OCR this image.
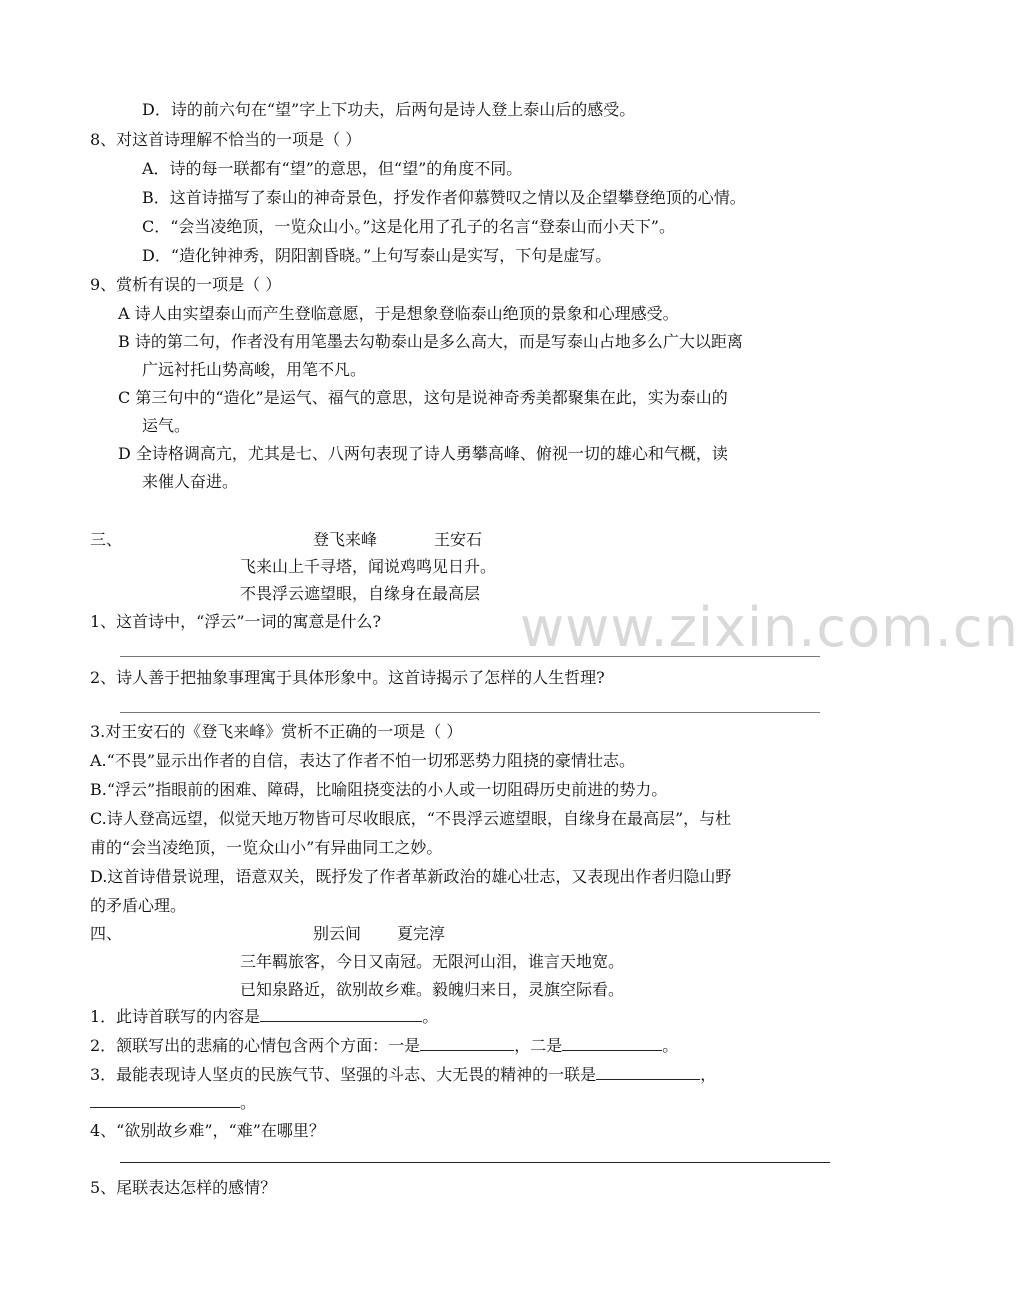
www.zixin.com.cn
D．诗的前六句在“望”字上下功夫，后两句是诗人登上泰山后的感受。
8、对这首诗理解不恰当的一项是（ ）
A．诗的每一联都有“望”的意思，但“望”的角度不同。
B．这首诗描写了泰山的神奇景色，抒发作者仰慕赞叹之情以及企望攀登绝顶的心情。
C．“会当凌绝顶，一览众山小。”这是化用了孔子的名言“登泰山而小天下”。
D．“造化钟神秀，阴阳割昏晓。”上句写泰山是实写，下句是虚写。
9、赏析有误的一项是（ ）
A 诗人由实望泰山而产生登临意愿，于是想象登临泰山绝顶的景象和心理感受。
B 诗的第二句，作者没有用笔墨去勾勒泰山是多么高大，而是写泰山占地多么广大以距离
广远衬托山势高峻，用笔不凡。
C 第三句中的“造化”是运气、福气的意思，这句是说神奇秀美都聚集在此，实为泰山的
运气。
D 全诗格调高亢，尤其是七、八两句表现了诗人勇攀高峰、俯视一切的雄心和气概，读
来催人奋进。
三、	登飞来峰	王安石
飞来山上千寻塔，闻说鸡鸣见日升。
不畏浮云遮望眼，自缘身在最高层
1、这首诗中，“浮云”一词的寓意是什么?
2、诗人善于把抽象事理寓于具体形象中。这首诗揭示了怎样的人生哲理?
3.对王安石的《登飞来峰》赏析不正确的一项是（ ）
A.“不畏”显示出作者的自信，表达了作者不怕一切邪恶势力阻挠的豪情壮志。
B.“浮云”指眼前的困难、障碍，比喻阻挠变法的小人或一切阻碍历史前进的势力。
C.诗人登高远望，似觉天地万物皆可尽收眼底，“不畏浮云遮望眼，自缘身在最高层”，与杜
甫的“会当凌绝顶，一览众山小”有异曲同工之妙。
D.这首诗借景说理，语意双关，既抒发了作者革新政治的雄心壮志，又表现出作者归隐山野
的矛盾心理。
四、	别云间 夏完淳
三年羁旅客，今日又南冠。无限河山泪，谁言天地宽。
已知泉路近，欲别故乡难。毅魄归来日，灵旗空际看。
1．此诗首联写的内容是	。
2．颔联写出的悲痛的心情包含两个方面：一是	，二是	。
3．最能表现诗人坚贞的民族气节、坚强的斗志、大无畏的精神的一联是	，
。
4、“欲别故乡难”，“难”在哪里？
5、尾联表达怎样的感情？
